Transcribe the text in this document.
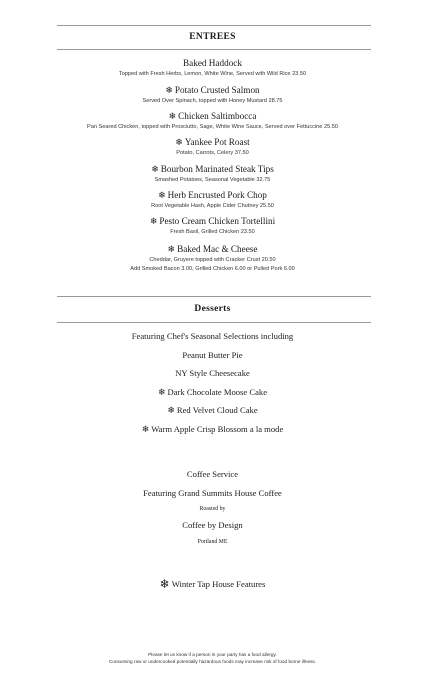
ENTREES
Baked Haddock
Topped with Fresh Herbs, Lemon, White Wine, Served with Wild Rice 23.50
❄ Potato Crusted Salmon
Served Over Spinach, topped with Honey Mustard 28.75
❄ Chicken Saltimbocca
Pan Seared Chicken, topped with Prosciutto, Sage, White Wine Sauce, Served over Fettuccine 25.50
❄ Yankee Pot Roast
Potato, Carrots, Celery 37.50
❄ Bourbon Marinated Steak Tips
Smashed Potatoes, Seasonal Vegetable 32.75
❄ Herb Encrusted Pork Chop
Root Vegetable Hash, Apple Cider Chutney 25.50
❄ Pesto Cream Chicken Tortellini
Fresh Basil, Grilled Chicken 23.50
❄ Baked Mac & Cheese
Cheddar, Gruyere topped with Cracker Crust 20.50
Add Smoked Bacon 3.00, Grilled Chicken 6.00 or Pulled Pork 6.00
Desserts
Featuring Chef's Seasonal Selections including
Peanut Butter Pie
NY Style Cheesecake
❄ Dark Chocolate Moose Cake
❄ Red Velvet Cloud Cake
❄ Warm Apple Crisp Blossom a la mode
Coffee Service
Featuring Grand Summits House Coffee
Roasted by
Coffee by Design
Portland ME
❄ Winter Tap House Features
Please let us know if a person in your party has a food allergy.
Consuming raw or undercooked potentially hazardous foods may increase risk of food borne illness.
